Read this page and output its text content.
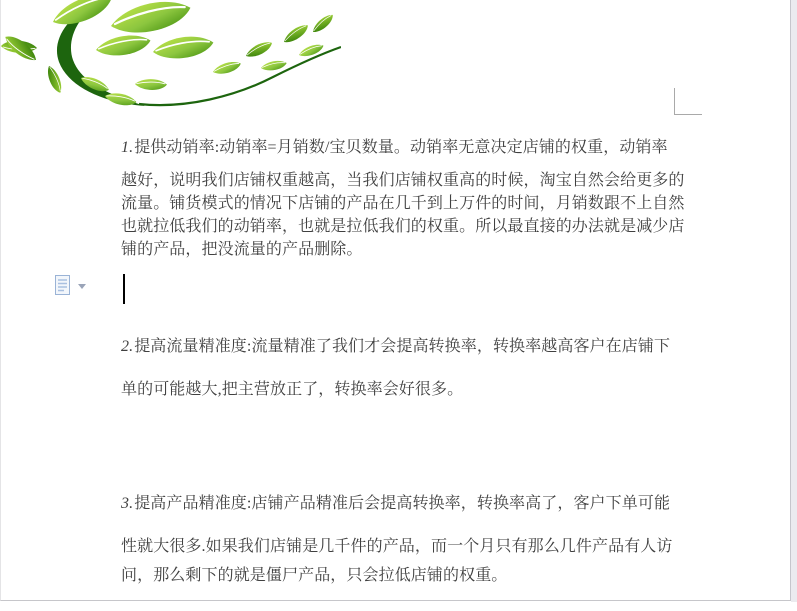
1.提供动销率:动销率=月销数/宝贝数量。动销率无意决定店铺的权重，动销率
越好，说明我们店铺权重越高，当我们店铺权重高的时候，淘宝自然会给更多的
流量。铺货模式的情况下店铺的产品在几千到上万件的时间，月销数跟不上自然
也就拉低我们的动销率，也就是拉低我们的权重。所以最直接的办法就是减少店
铺的产品，把没流量的产品删除。
2.提高流量精准度:流量精准了我们才会提高转换率，转换率越高客户在店铺下
单的可能越大,把主营放正了，转换率会好很多。
3.提高产品精准度:店铺产品精准后会提高转换率，转换率高了，客户下单可能
性就大很多.如果我们店铺是几千件的产品，而一个月只有那么几件产品有人访
问，那么剩下的就是僵尸产品，只会拉低店铺的权重。
